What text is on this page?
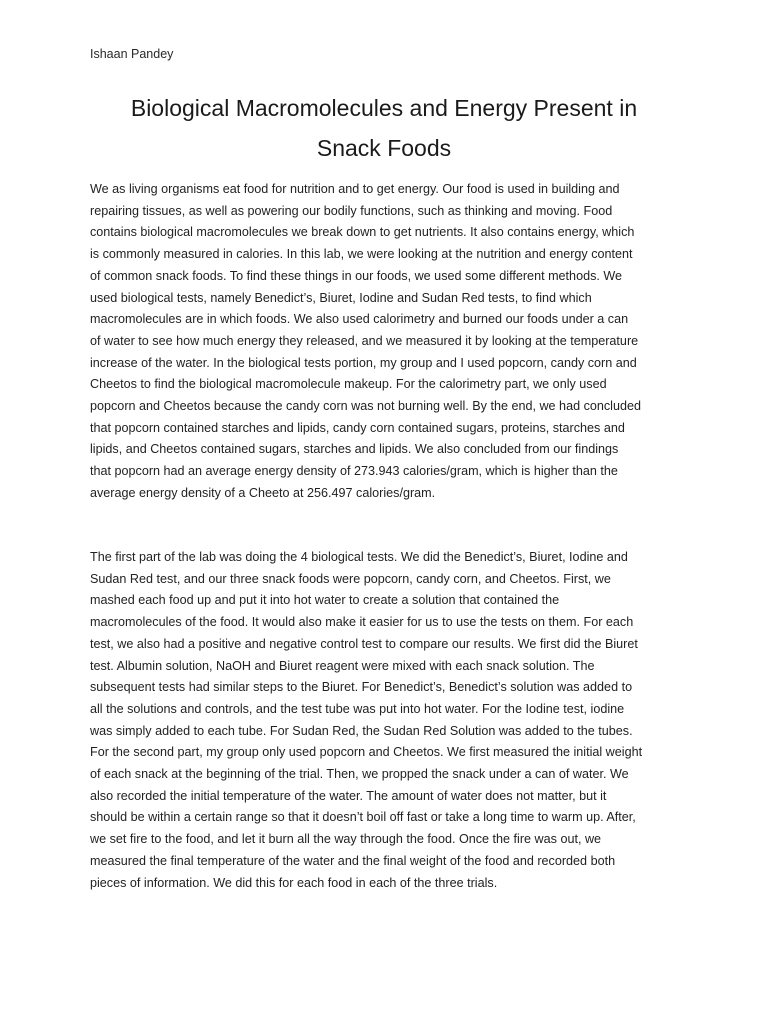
Ishaan Pandey
Biological Macromolecules and Energy Present in
Snack Foods

We as living organisms eat food for nutrition and to get energy. Our food is used in building and
repairing tissues, as well as powering our bodily functions, such as thinking and moving. Food
contains biological macromolecules we break down to get nutrients. It also contains energy, which
is commonly measured in calories. In this lab, we were looking at the nutrition and energy content
of common snack foods. To find these things in our foods, we used some different methods. We
used biological tests, namely Benedict’s, Biuret, Iodine and Sudan Red tests, to find which
macromolecules are in which foods. We also used calorimetry and burned our foods under a can
of water to see how much energy they released, and we measured it by looking at the temperature
increase of the water. In the biological tests portion, my group and I used popcorn, candy corn and
Cheetos to find the biological macromolecule makeup. For the calorimetry part, we only used
popcorn and Cheetos because the candy corn was not burning well. By the end, we had concluded
that popcorn contained starches and lipids, candy corn contained sugars, proteins, starches and
lipids, and Cheetos contained sugars, starches and lipids. We also concluded from our findings
that popcorn had an average energy density of 273.943 calories/gram, which is higher than the
average energy density of a Cheeto at 256.497 calories/gram.

The first part of the lab was doing the 4 biological tests. We did the Benedict’s, Biuret, Iodine and
Sudan Red test, and our three snack foods were popcorn, candy corn, and Cheetos. First, we
mashed each food up and put it into hot water to create a solution that contained the
macromolecules of the food. It would also make it easier for us to use the tests on them. For each
test, we also had a positive and negative control test to compare our results. We first did the Biuret
test. Albumin solution, NaOH and Biuret reagent were mixed with each snack solution. The
subsequent tests had similar steps to the Biuret. For Benedict’s, Benedict’s solution was added to
all the solutions and controls, and the test tube was put into hot water. For the Iodine test, iodine
was simply added to each tube. For Sudan Red, the Sudan Red Solution was added to the tubes.
For the second part, my group only used popcorn and Cheetos. We first measured the initial weight
of each snack at the beginning of the trial. Then, we propped the snack under a can of water. We
also recorded the initial temperature of the water. The amount of water does not matter, but it
should be within a certain range so that it doesn’t boil off fast or take a long time to warm up. After,
we set fire to the food, and let it burn all the way through the food. Once the fire was out, we
measured the final temperature of the water and the final weight of the food and recorded both
pieces of information. We did this for each food in each of the three trials.
